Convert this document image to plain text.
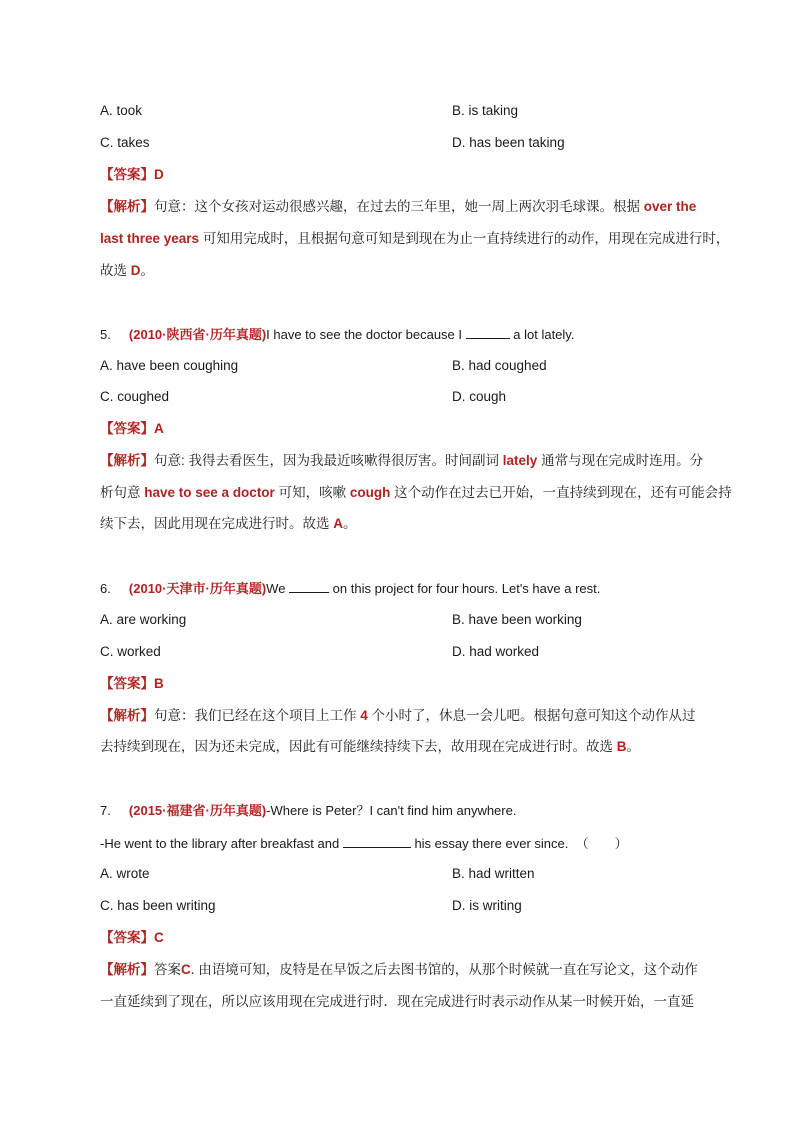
A. took	B. is taking
C. takes	D. has been taking
【答案】D
【解析】句意：这个女孩对运动很感兴趣，在过去的三年里，她一周上两次羽毛球课。根据 over the
last three years 可知用完成时，且根据句意可知是到现在为止一直持续进行的动作，用现在完成进行时，
故选 D。
5. (2010·陕西省·历年真题)I have to see the doctor because I	a lot lately.
A. have been coughing	B. had coughed
C. coughed	D. cough
【答案】A
【解析】句意: 我得去看医生，因为我最近咳嗽得很厉害。时间副词 lately 通常与现在完成时连用。分
析句意 have to see a doctor 可知，咳嗽 cough 这个动作在过去已开始，一直持续到现在，还有可能会持
续下去，因此用现在完成进行时。故选 A。
6. (2010·天津市·历年真题)We	on this project for four hours. Let's have a rest.
A. are working	B. have been working
C. worked	D. had worked
【答案】B
【解析】句意：我们已经在这个项目上工作 4 个小时了，休息一会儿吧。根据句意可知这个动作从过
去持续到现在，因为还未完成，因此有可能继续持续下去，故用现在完成进行时。故选 B。
7. (2015·福建省·历年真题)-Where is Peter？I can't find him anywhere.
-He went to the library after breakfast and	his essay there ever since. （　　）
A. wrote	B. had written
C. has been writing	D. is writing
【答案】C
【解析】答案C. 由语境可知，皮特是在早饭之后去图书馆的，从那个时候就一直在写论文，这个动作
一直延续到了现在，所以应该用现在完成进行时．现在完成进行时表示动作从某一时候开始，一直延
